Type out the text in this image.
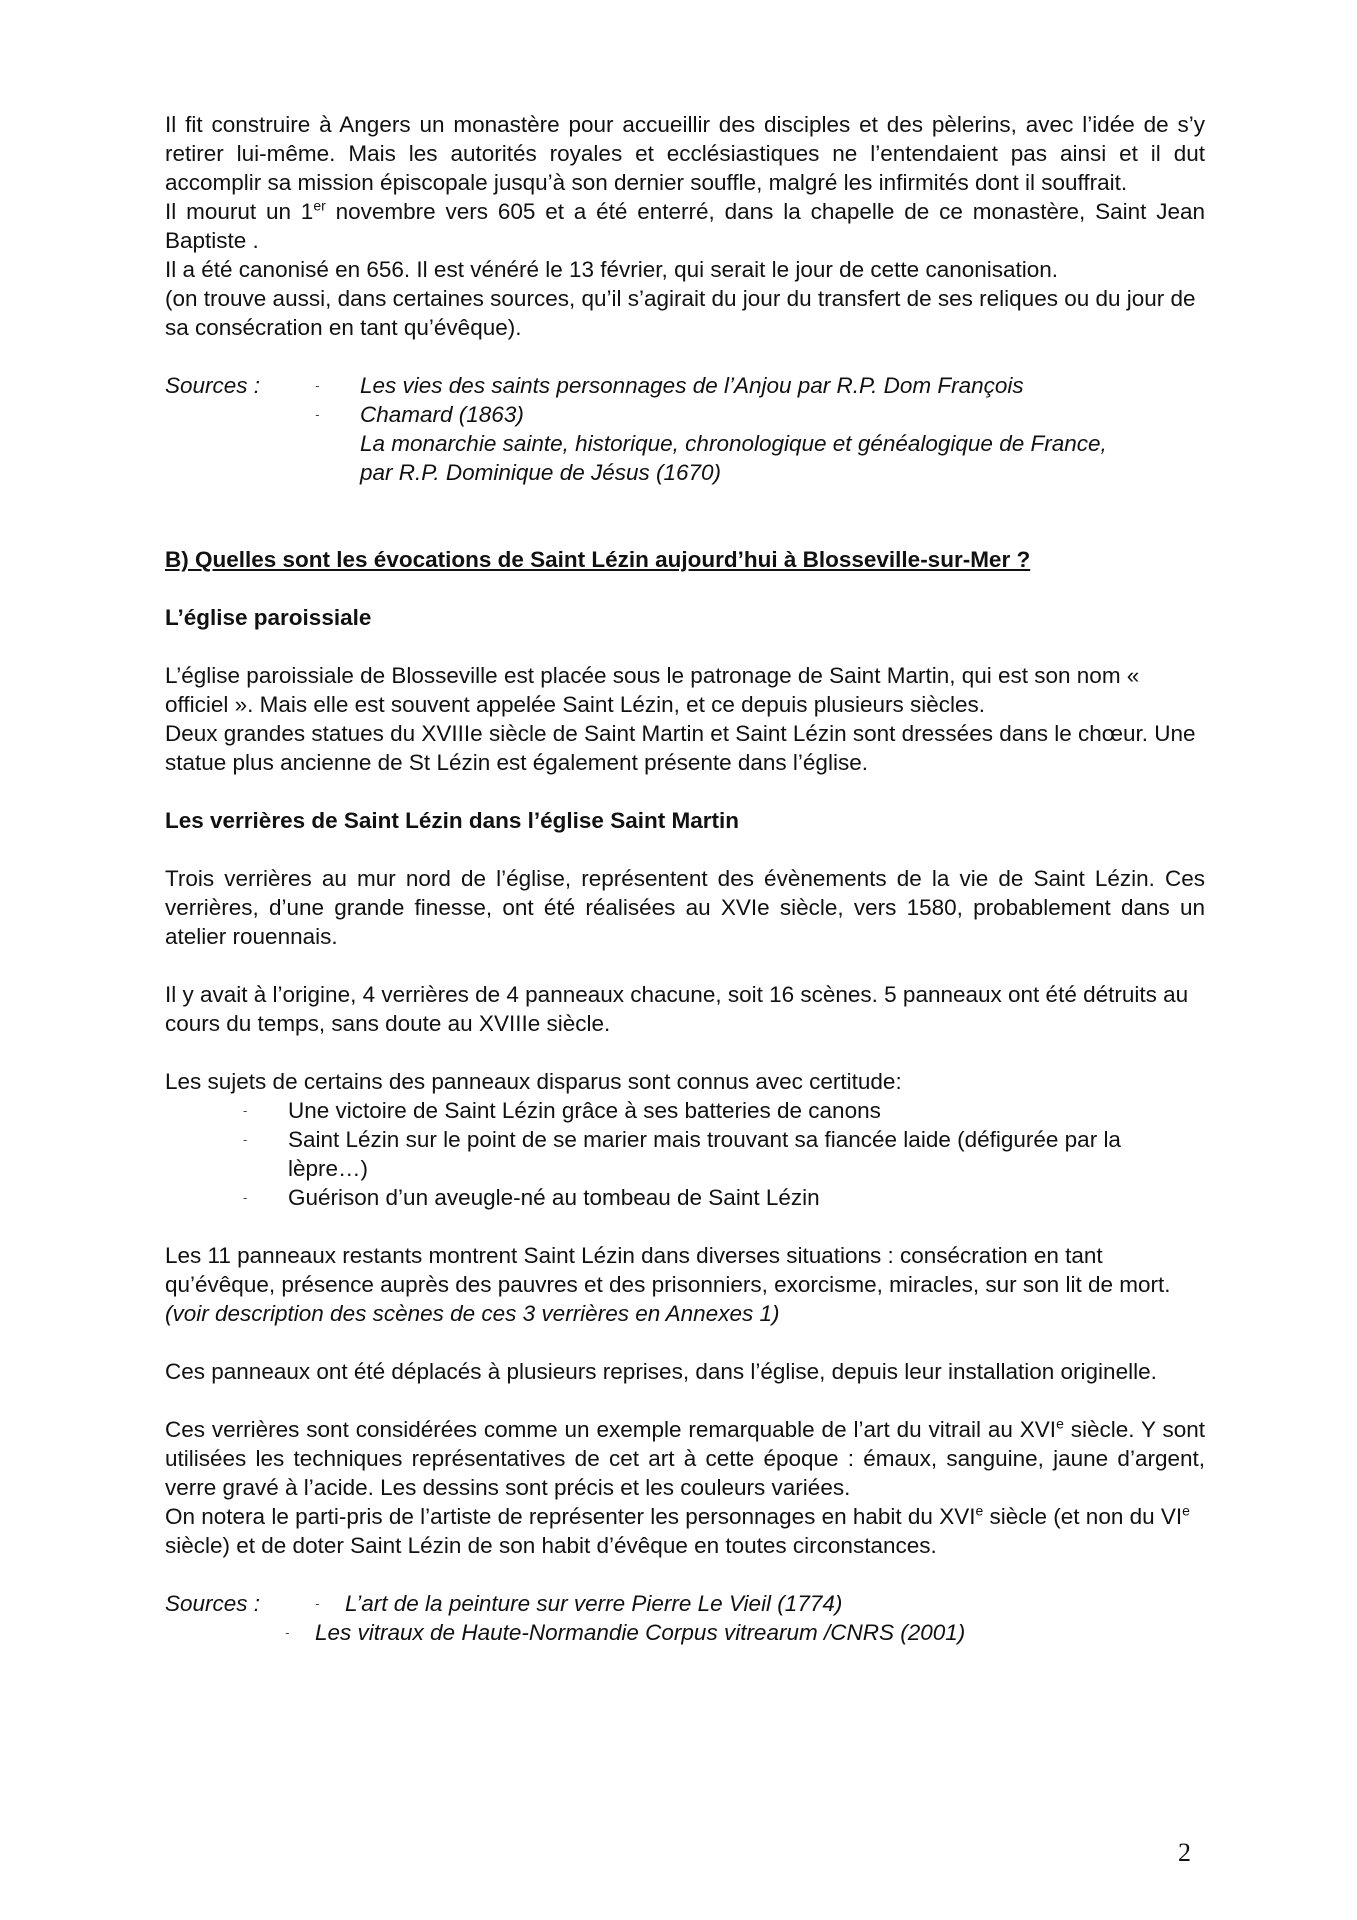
Il fit construire à Angers un monastère pour accueillir des disciples et des pèlerins, avec l’idée de s’y retirer lui-même. Mais les autorités royales et ecclésiastiques ne l’entendaient pas ainsi et il dut accomplir sa mission épiscopale jusqu’à son dernier souffle, malgré les infirmités dont il souffrait.

Il mourut un 1er novembre vers 605 et a été enterré, dans la chapelle de ce monastère, Saint Jean Baptiste .

Il a été canonisé en 656. Il est vénéré le 13 février, qui serait le jour de cette canonisation.

(on trouve aussi, dans certaines sources, qu’il s’agirait du jour du transfert de ses reliques ou du jour de sa consécration en tant qu’évêque).

Sources :	-	Les vies des saints personnages de l’Anjou par R.P. Dom François
-	Chamard (1863)
La monarchie sainte, historique, chronologique et généalogique de France,
par R.P. Dominique de Jésus (1670)

B) Quelles sont les évocations de Saint Lézin aujourd’hui à Blosseville-sur-Mer ?

L’église paroissiale

L’église paroissiale de Blosseville est placée sous le patronage de Saint Martin, qui est son nom « officiel ». Mais elle est souvent appelée Saint Lézin, et ce depuis plusieurs siècles.

Deux grandes statues du XVIIIe siècle de Saint Martin et Saint Lézin sont dressées dans le chœur. Une statue plus ancienne de St Lézin est également présente dans l’église.

Les verrières de Saint Lézin dans l’église Saint Martin

Trois verrières au mur nord de l’église, représentent des évènements de la vie de Saint Lézin. Ces verrières, d’une grande finesse, ont été réalisées au XVIe siècle, vers 1580, probablement dans un atelier rouennais.

Il y avait à l’origine, 4 verrières de 4 panneaux chacune, soit 16 scènes. 5 panneaux ont été détruits au cours du temps, sans doute au XVIIIe siècle.

Les sujets de certains des panneaux disparus sont connus avec certitude:

-	Une victoire de Saint Lézin grâce à ses batteries de canons
-	Saint Lézin sur le point de se marier mais trouvant sa fiancée laide (défigurée par la lèpre…)
-	Guérison d’un aveugle-né au tombeau de Saint Lézin

Les 11 panneaux restants montrent Saint Lézin dans diverses situations : consécration en tant qu’évêque, présence auprès des pauvres et des prisonniers, exorcisme, miracles, sur son lit de mort. (voir description des scènes de ces 3 verrières en Annexes 1)

Ces panneaux ont été déplacés à plusieurs reprises, dans l’église, depuis leur installation originelle.

Ces verrières sont considérées comme un exemple remarquable de l’art du vitrail au XVIe siècle. Y sont utilisées les techniques représentatives de cet art à cette époque : émaux, sanguine, jaune d’argent, verre gravé à l’acide. Les dessins sont précis et les couleurs variées.

On notera le parti-pris de l’artiste de représenter les personnages en habit du XVIe siècle (et non du VIe siècle) et de doter Saint Lézin de son habit d’évêque en toutes circonstances.

Sources :	-	L’art de la peinture sur verre Pierre Le Vieil (1774)
-	Les vitraux de Haute-Normandie Corpus vitrearum /CNRS (2001)
2
